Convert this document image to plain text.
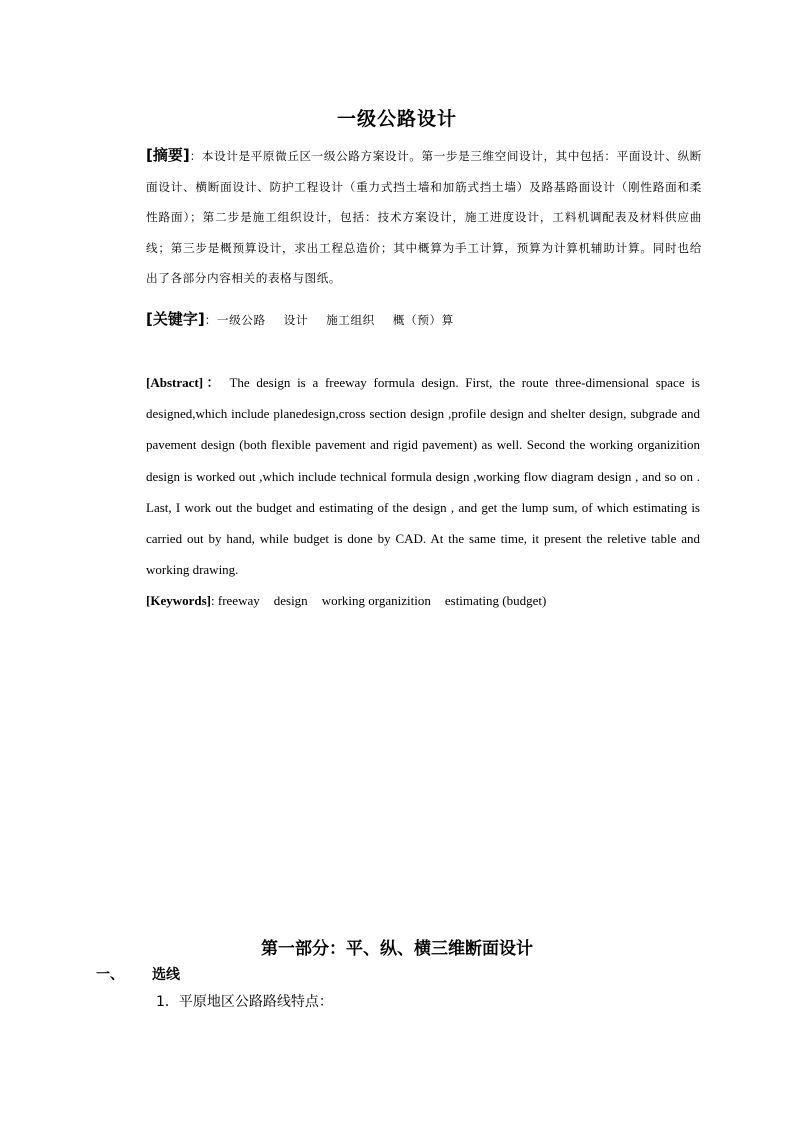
一级公路设计
[摘要]：本设计是平原微丘区一级公路方案设计。第一步是三维空间设计，其中包括：平面设计、纵断面设计、横断面设计、防护工程设计（重力式挡土墙和加筋式挡土墙）及路基路面设计（刚性路面和柔性路面）；第二步是施工组织设计，包括：技术方案设计，施工进度设计，工料机调配表及材料供应曲线；第三步是概预算设计，求出工程总造价；其中概算为手工计算，预算为计算机辅助计算。同时也给出了各部分内容相关的表格与图纸。
[关键字]：一级公路 设计 施工组织 概（预）算
[Abstract]： The design is a freeway formula design. First, the route three-dimensional space is designed,which include planedesign,cross section design ,profile design and shelter design, subgrade and pavement design (both flexible pavement and rigid pavement) as well. Second the working organizition design is worked out ,which include technical formula design ,working flow diagram design , and so on . Last, I work out the budget and estimating of the design , and get the lump sum, of which estimating is carried out by hand, while budget is done by CAD. At the same time, it present the reletive table and working drawing.
[Keywords]: freeway design working organizition estimating (budget)
第一部分：平、纵、横三维断面设计
一、 选线
1．平原地区公路路线特点：
